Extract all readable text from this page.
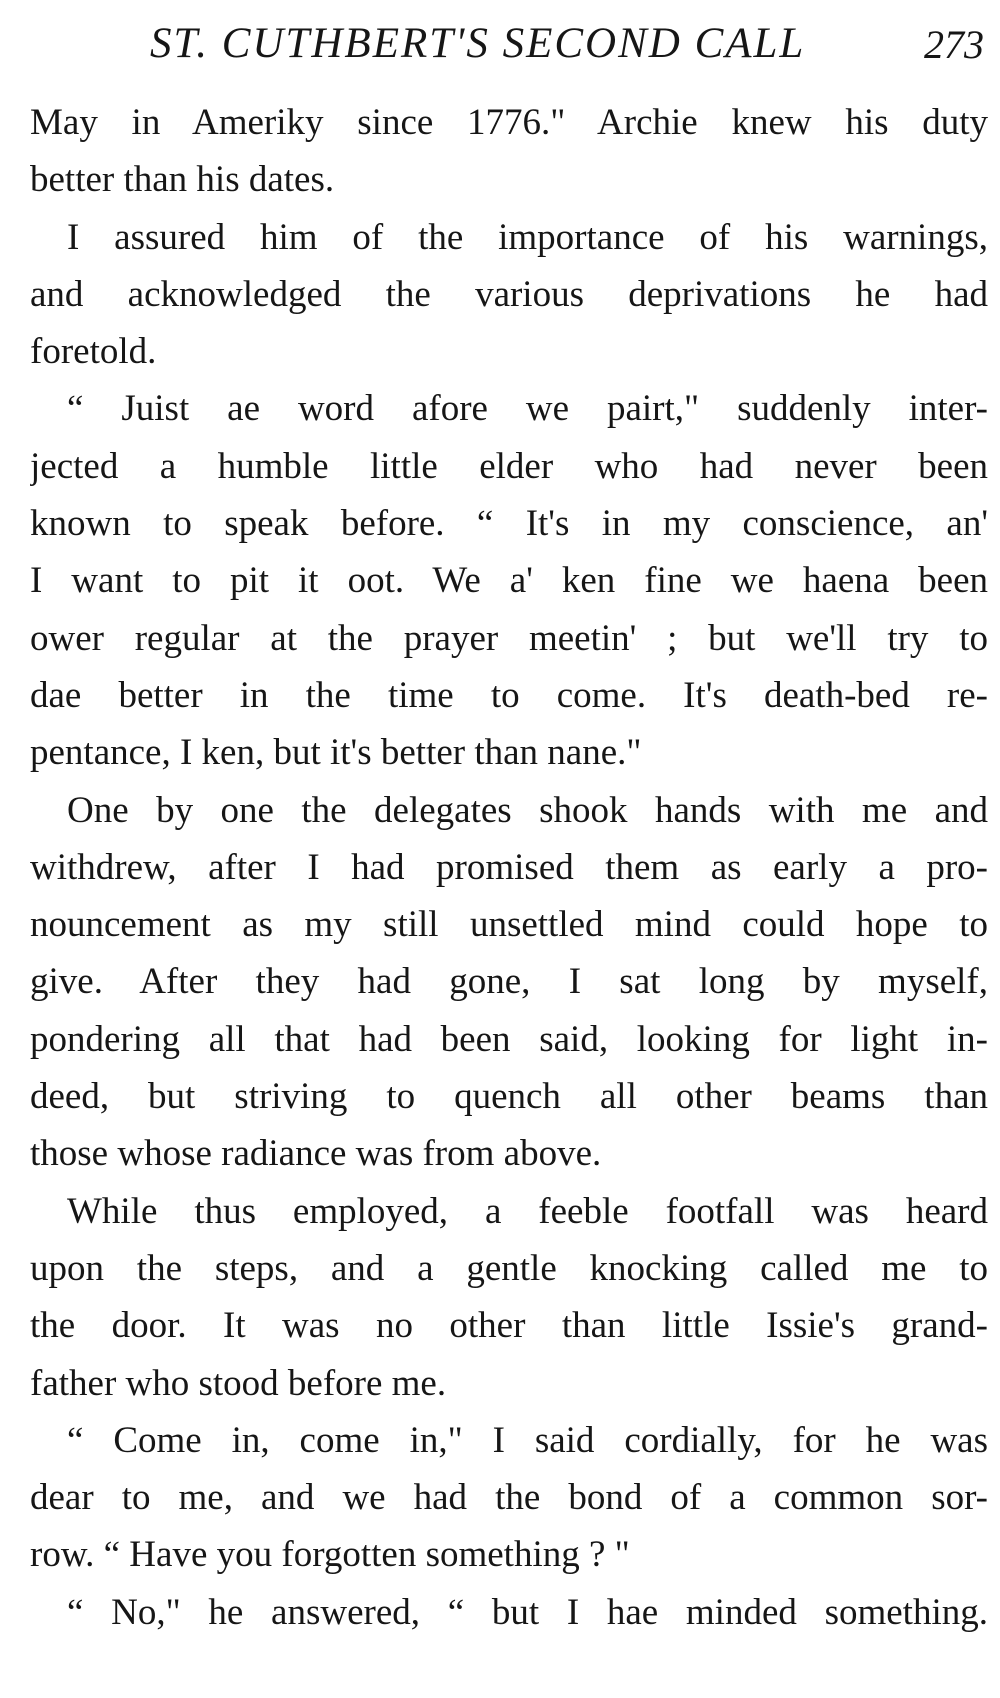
ST. CUTHBERT'S SECOND CALL	273
May in Ameriky since 1776." Archie knew his duty
better than his dates.
I assured him of the importance of his warnings,
and acknowledged the various deprivations he had
foretold.
“ Juist ae word afore we pairt," suddenly inter-
jected a humble little elder who had never been
known to speak before. “ It's in my conscience, an'
I want to pit it oot. We a' ken fine we haena been
ower regular at the prayer meetin' ; but we'll try to
dae better in the time to come. It's death-bed re-
pentance, I ken, but it's better than nane."
One by one the delegates shook hands with me and
withdrew, after I had promised them as early a pro-
nouncement as my still unsettled mind could hope to
give. After they had gone, I sat long by myself,
pondering all that had been said, looking for light in-
deed, but striving to quench all other beams than
those whose radiance was from above.
While thus employed, a feeble footfall was heard
upon the steps, and a gentle knocking called me to
the door. It was no other than little Issie's grand-
father who stood before me.
“ Come in, come in," I said cordially, for he was
dear to me, and we had the bond of a common sor-
row. “ Have you forgotten something ? "
“ No," he answered, “ but I hae minded something.
